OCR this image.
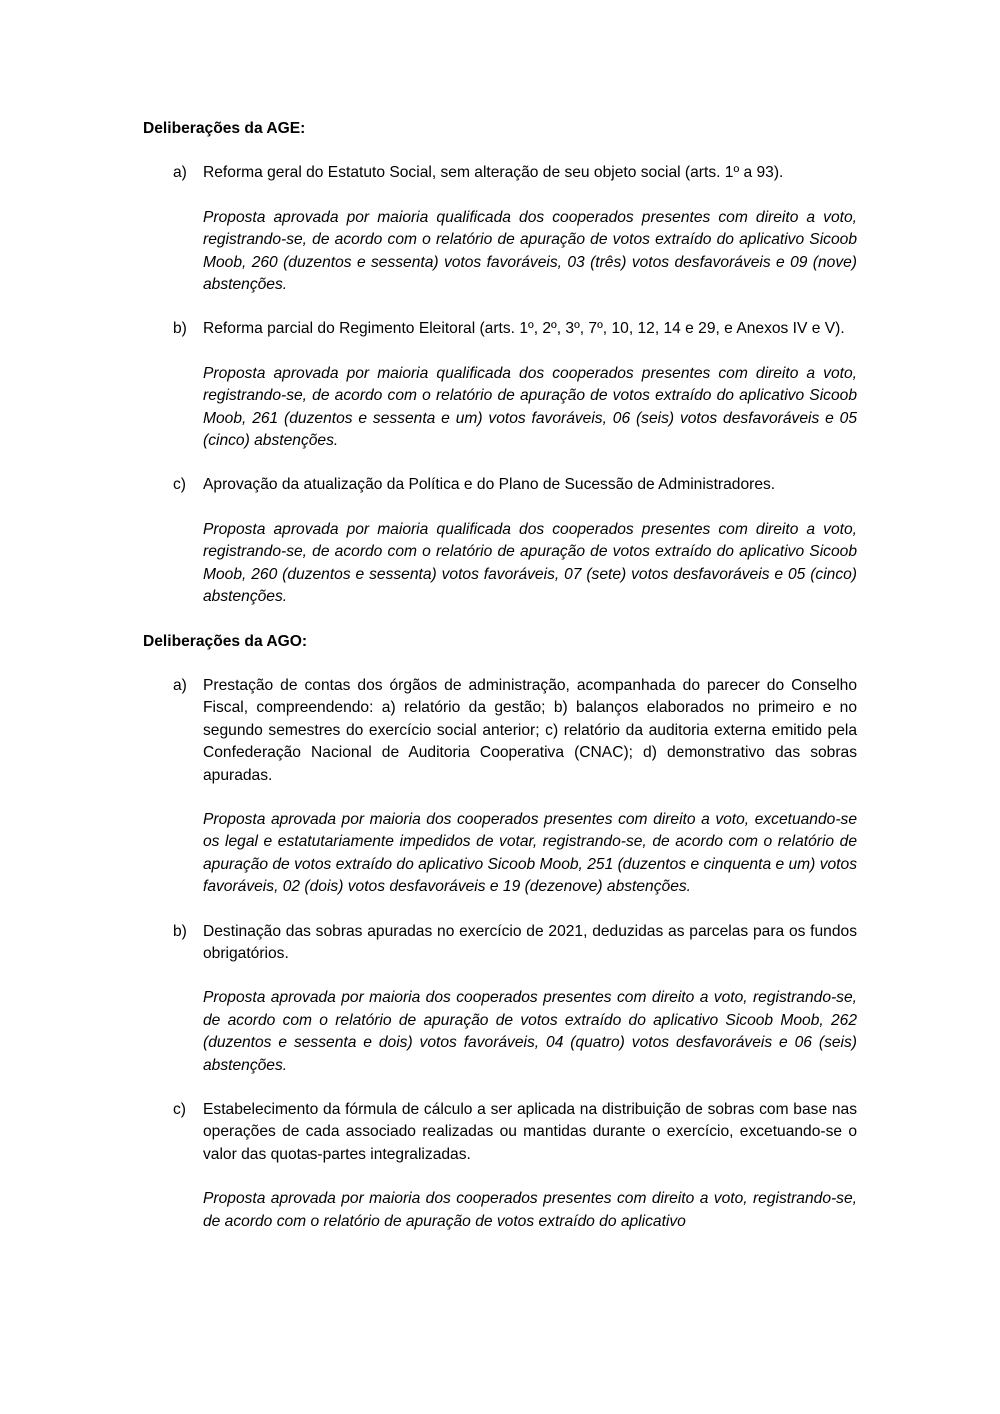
Deliberações da AGE:
a) Reforma geral do Estatuto Social, sem alteração de seu objeto social (arts. 1º a 93).
Proposta aprovada por maioria qualificada dos cooperados presentes com direito a voto, registrando-se, de acordo com o relatório de apuração de votos extraído do aplicativo Sicoob Moob, 260 (duzentos e sessenta) votos favoráveis, 03 (três) votos desfavoráveis e 09 (nove) abstenções.
b) Reforma parcial do Regimento Eleitoral (arts. 1º, 2º, 3º, 7º, 10, 12, 14 e 29, e Anexos IV e V).
Proposta aprovada por maioria qualificada dos cooperados presentes com direito a voto, registrando-se, de acordo com o relatório de apuração de votos extraído do aplicativo Sicoob Moob, 261 (duzentos e sessenta e um) votos favoráveis, 06 (seis) votos desfavoráveis e 05 (cinco) abstenções.
c) Aprovação da atualização da Política e do Plano de Sucessão de Administradores.
Proposta aprovada por maioria qualificada dos cooperados presentes com direito a voto, registrando-se, de acordo com o relatório de apuração de votos extraído do aplicativo Sicoob Moob, 260 (duzentos e sessenta) votos favoráveis, 07 (sete) votos desfavoráveis e 05 (cinco) abstenções.
Deliberações da AGO:
a) Prestação de contas dos órgãos de administração, acompanhada do parecer do Conselho Fiscal, compreendendo: a) relatório da gestão; b) balanços elaborados no primeiro e no segundo semestres do exercício social anterior; c) relatório da auditoria externa emitido pela Confederação Nacional de Auditoria Cooperativa (CNAC); d) demonstrativo das sobras apuradas.
Proposta aprovada por maioria dos cooperados presentes com direito a voto, excetuando-se os legal e estatutariamente impedidos de votar, registrando-se, de acordo com o relatório de apuração de votos extraído do aplicativo Sicoob Moob, 251 (duzentos e cinquenta e um) votos favoráveis, 02 (dois) votos desfavoráveis e 19 (dezenove) abstenções.
b) Destinação das sobras apuradas no exercício de 2021, deduzidas as parcelas para os fundos obrigatórios.
Proposta aprovada por maioria dos cooperados presentes com direito a voto, registrando-se, de acordo com o relatório de apuração de votos extraído do aplicativo Sicoob Moob, 262 (duzentos e sessenta e dois) votos favoráveis, 04 (quatro) votos desfavoráveis e 06 (seis) abstenções.
c) Estabelecimento da fórmula de cálculo a ser aplicada na distribuição de sobras com base nas operações de cada associado realizadas ou mantidas durante o exercício, excetuando-se o valor das quotas-partes integralizadas.
Proposta aprovada por maioria dos cooperados presentes com direito a voto, registrando-se, de acordo com o relatório de apuração de votos extraído do aplicativo
